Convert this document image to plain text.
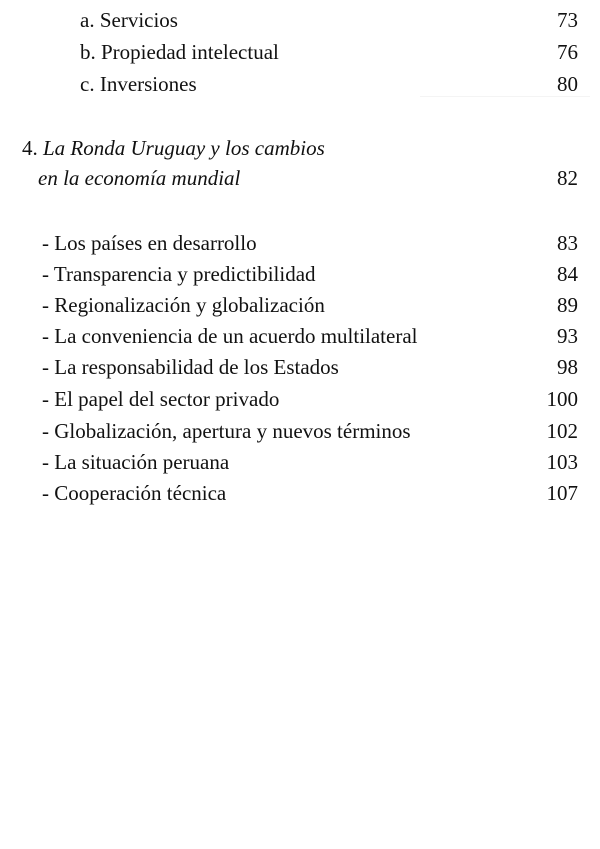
a. Servicios	73
b. Propiedad intelectual	76
c. Inversiones	80
4. La Ronda Uruguay y los cambios
en la economía mundial	82
- Los países en desarrollo	83
- Transparencia y predictibilidad	84
- Regionalización y globalización	89
- La conveniencia de un acuerdo multilateral	93
- La responsabilidad de los Estados	98
- El papel del sector privado	100
- Globalización, apertura y nuevos términos	102
- La situación peruana	103
- Cooperación técnica	107
